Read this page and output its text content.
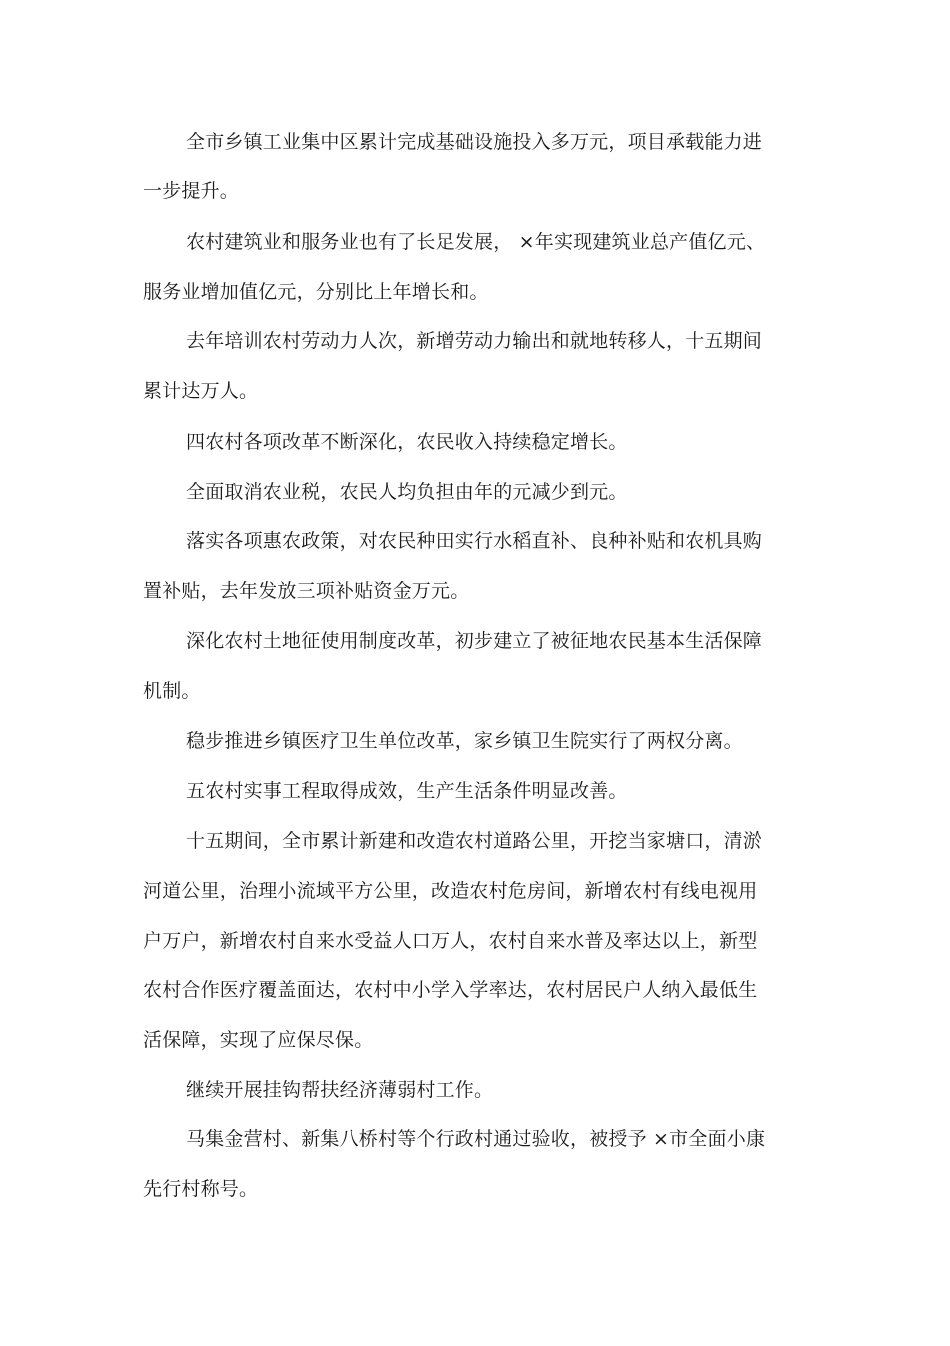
全市乡镇工业集中区累计完成基础设施投入多万元，项目承载能力进
一步提升。
农村建筑业和服务业也有了长足发展， ×年实现建筑业总产值亿元、
服务业增加值亿元，分别比上年增长和。
去年培训农村劳动力人次，新增劳动力输出和就地转移人，十五期间
累计达万人。
四农村各项改革不断深化，农民收入持续稳定增长。
全面取消农业税，农民人均负担由年的元减少到元。
落实各项惠农政策，对农民种田实行水稻直补、良种补贴和农机具购
置补贴，去年发放三项补贴资金万元。
深化农村土地征使用制度改革，初步建立了被征地农民基本生活保障
机制。
稳步推进乡镇医疗卫生单位改革，家乡镇卫生院实行了两权分离。
五农村实事工程取得成效，生产生活条件明显改善。
十五期间，全市累计新建和改造农村道路公里，开挖当家塘口，清淤
河道公里，治理小流域平方公里，改造农村危房间，新增农村有线电视用
户万户，新增农村自来水受益人口万人，农村自来水普及率达以上，新型
农村合作医疗覆盖面达，农村中小学入学率达，农村居民户人纳入最低生
活保障，实现了应保尽保。
继续开展挂钩帮扶经济薄弱村工作。
马集金营村、新集八桥村等个行政村通过验收，被授予 ×市全面小康
先行村称号。
